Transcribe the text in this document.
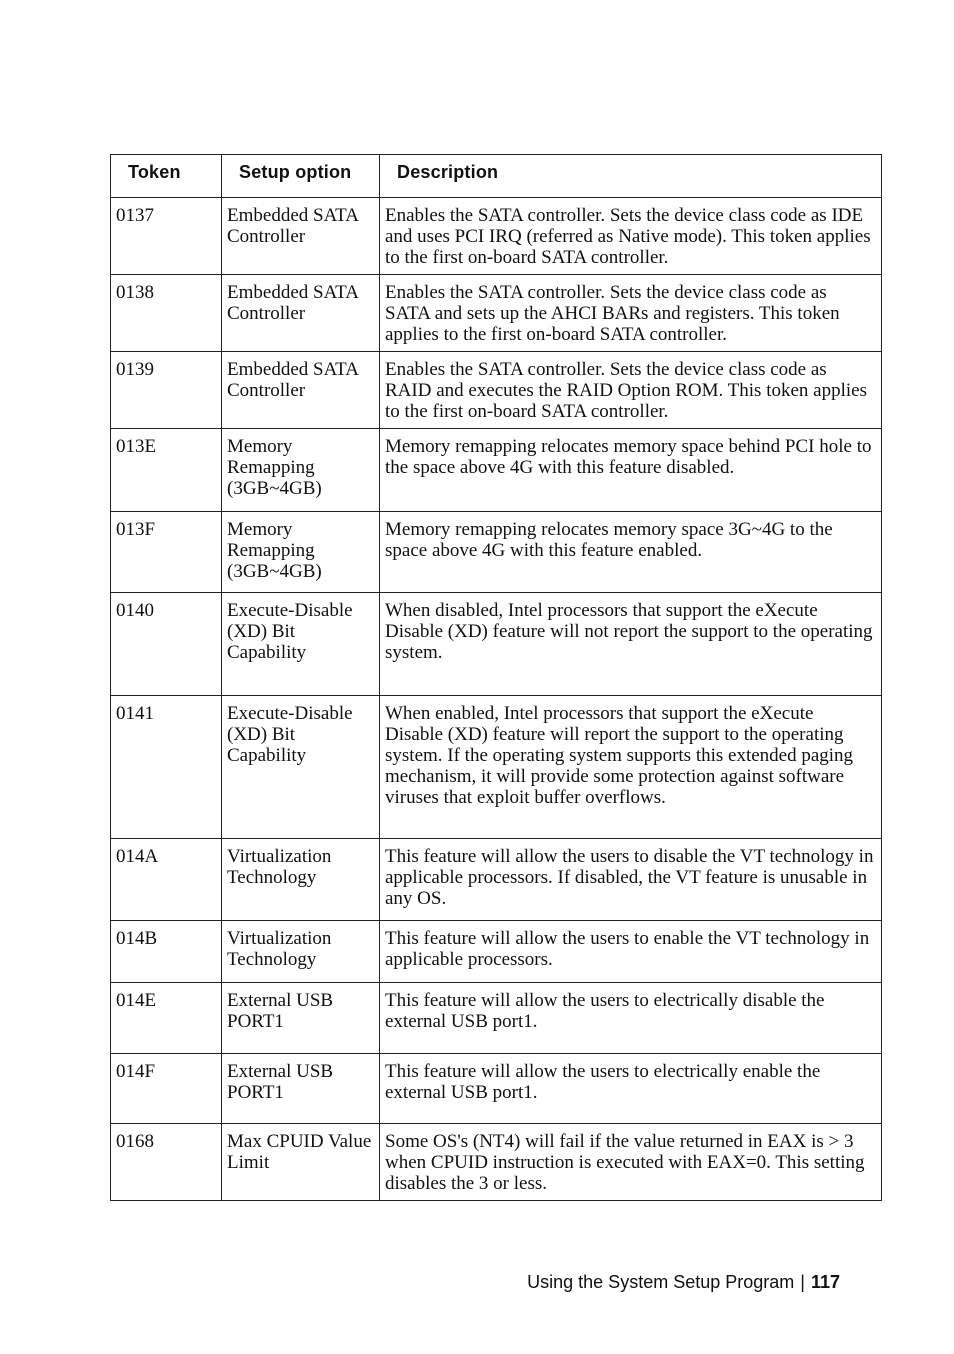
Token	Setup option	Description
0137	Embedded SATA Controller	Enables the SATA controller. Sets the device class code as IDE and uses PCI IRQ (referred as Native mode). This token applies to the first on-board SATA controller.
0138	Embedded SATA Controller	Enables the SATA controller. Sets the device class code as SATA and sets up the AHCI BARs and registers. This token applies to the first on-board SATA controller.
0139	Embedded SATA Controller	Enables the SATA controller. Sets the device class code as RAID and executes the RAID Option ROM. This token applies to the first on-board SATA controller.
013E	Memory Remapping (3GB~4GB)	Memory remapping relocates memory space behind PCI hole to the space above 4G with this feature disabled.
013F	Memory Remapping (3GB~4GB)	Memory remapping relocates memory space 3G~4G to the space above 4G with this feature enabled.
0140	Execute-Disable (XD) Bit Capability	When disabled, Intel processors that support the eXecute Disable (XD) feature will not report the support to the operating system.
0141	Execute-Disable (XD) Bit Capability	When enabled, Intel processors that support the eXecute Disable (XD) feature will report the support to the operating system. If the operating system supports this extended paging mechanism, it will provide some protection against software viruses that exploit buffer overflows.
014A	Virtualization Technology	This feature will allow the users to disable the VT technology in applicable processors. If disabled, the VT feature is unusable in any OS.
014B	Virtualization Technology	This feature will allow the users to enable the VT technology in applicable processors.
014E	External USB PORT1	This feature will allow the users to electrically disable the external USB port1.
014F	External USB PORT1	This feature will allow the users to electrically enable the external USB port1.
0168	Max CPUID Value Limit	Some OS's (NT4) will fail if the value returned in EAX is > 3 when CPUID instruction is executed with EAX=0. This setting disables the 3 or less.
Using the System Setup Program | 117
